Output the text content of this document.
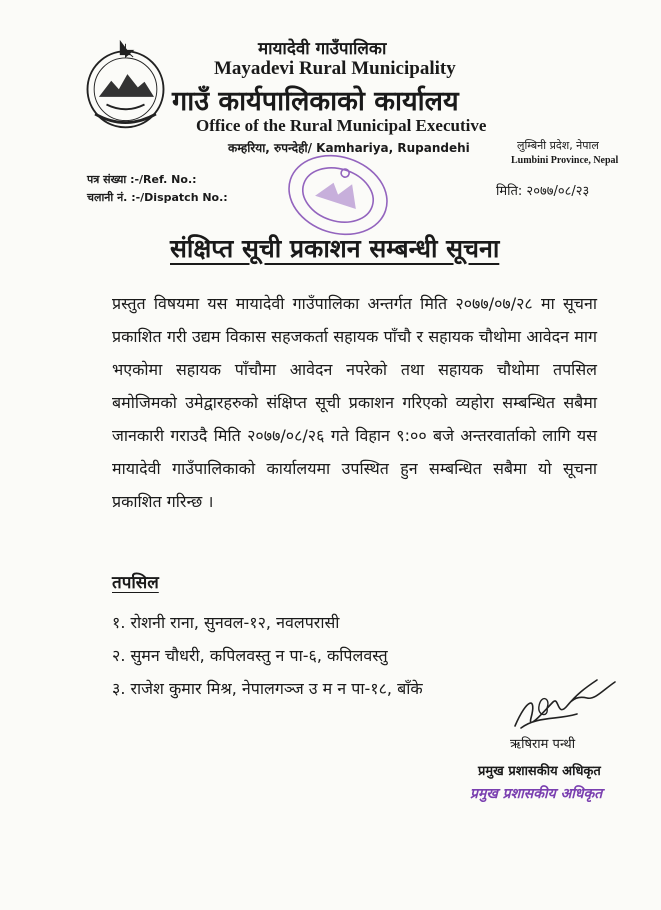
मायादेवी गाउँपालिका
Mayadevi Rural Municipality
गाउँ कार्यपालिकाको कार्यालय
Office of the Rural Municipal Executive
कम्हरिया, रुपन्देही/ Kamhariya, Rupandehi	लुम्बिनी प्रदेश, नेपाल
Lumbini Province, Nepal
पत्र संख्या :-/Ref. No.:
चलानी नं. :-/Dispatch No.:	मिति: २०७७/०८/२३
संक्षिप्त सूची प्रकाशन सम्बन्धी सूचना
प्रस्तुत विषयमा यस मायादेवी गाउँपालिका अन्तर्गत मिति २०७७/०७/२८ मा सूचना प्रकाशित गरी उद्यम विकास सहजकर्ता सहायक पाँचौ र सहायक चौथोमा आवेदन माग भएकोमा सहायक पाँचौमा आवेदन नपरेको तथा सहायक चौथोमा तपसिल बमोजिमको उमेद्वारहरुको संक्षिप्त सूची प्रकाशन गरिएको व्यहोरा सम्बन्धित सबैमा जानकारी गराउदै मिति २०७७/०८/२६ गते विहान ९:०० बजे अन्तरवार्ताको लागि यस मायादेवी गाउँपालिकाको कार्यालयमा उपस्थित हुन सम्बन्धित सबैमा यो सूचना प्रकाशित गरिन्छ ।
तपसिल
१. रोशनी राना, सुनवल-१२, नवलपरासी
२. सुमन चौधरी, कपिलवस्तु न पा-६, कपिलवस्तु
३. राजेश कुमार मिश्र, नेपालगञ्ज उ म न पा-१८, बाँके
ऋषिराम पन्थी
प्रमुख प्रशासकीय अधिकृत
प्रमुख प्रशासकीय अधिकृत
